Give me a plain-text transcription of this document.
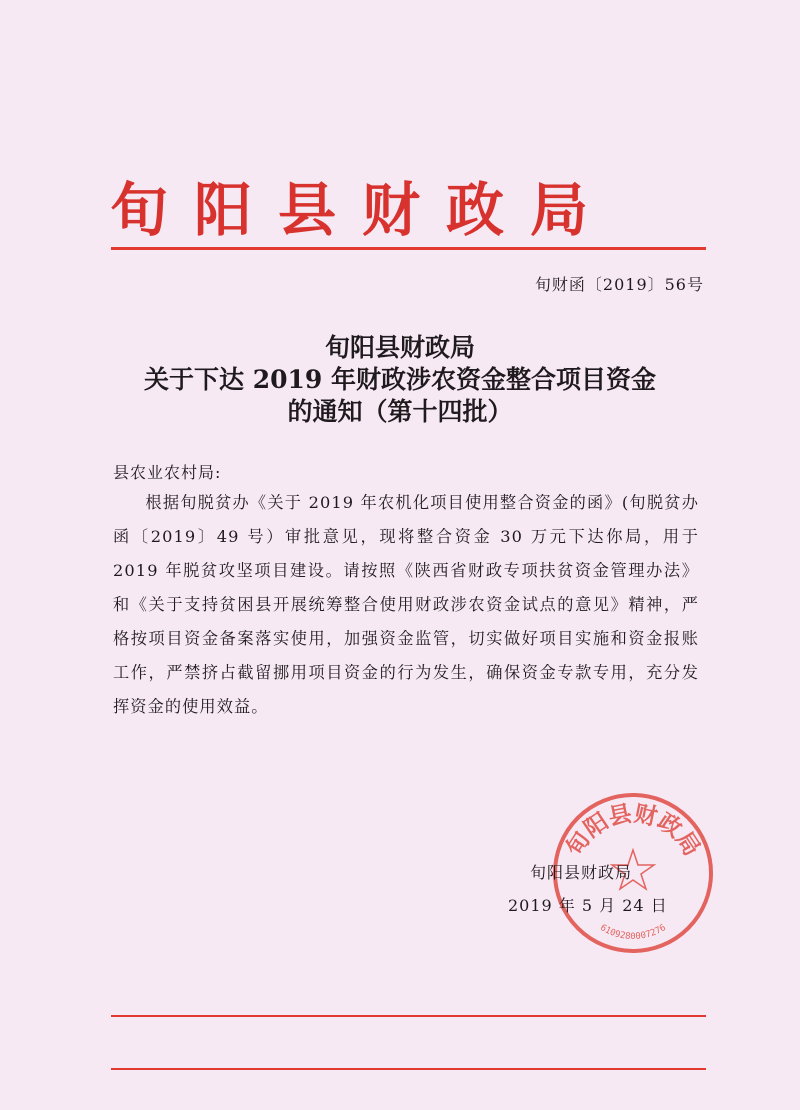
旬阳县财政局
旬财函〔2019〕56号
旬阳县财政局
关于下达 2019 年财政涉农资金整合项目资金
的通知（第十四批）
县农业农村局:
根据旬脱贫办《关于 2019 年农机化项目使用整合资金的函》(旬脱贫办函〔2019〕49 号）审批意见，现将整合资金 30 万元下达你局，用于 2019 年脱贫攻坚项目建设。请按照《陕西省财政专项扶贫资金管理办法》和《关于支持贫困县开展统筹整合使用财政涉农资金试点的意见》精神，严格按项目资金备案落实使用，加强资金监管，切实做好项目实施和资金报账工作，严禁挤占截留挪用项目资金的行为发生，确保资金专款专用，充分发挥资金的使用效益。
旬阳县财政局
6109280007276
旬阳县财政局
2019 年 5 月 24 日
